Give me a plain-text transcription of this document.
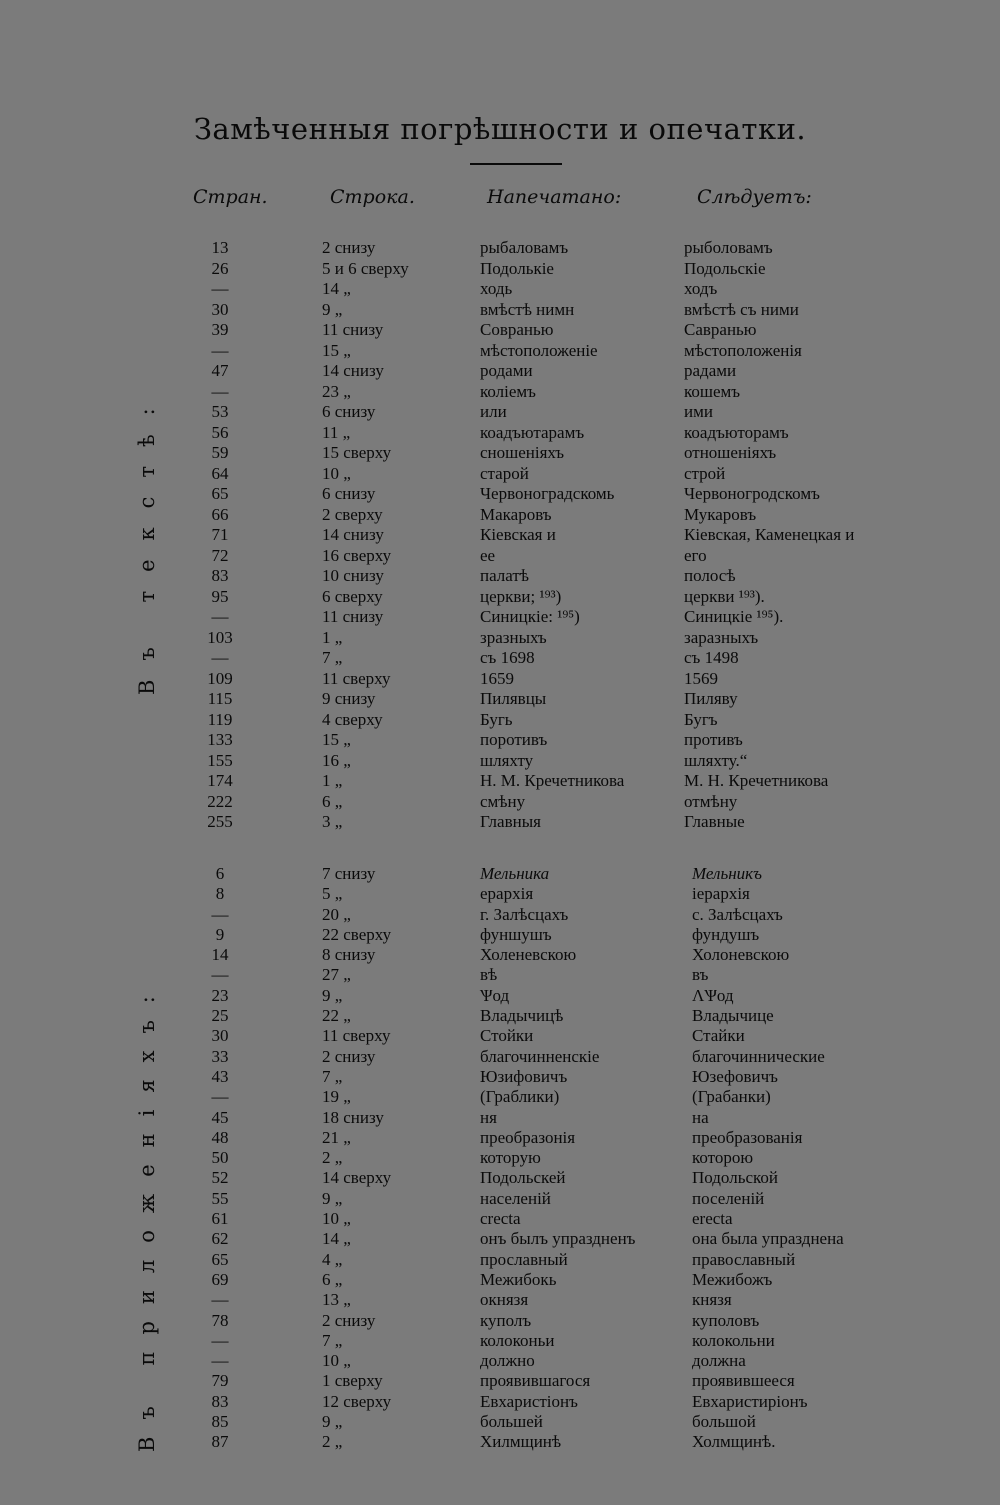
Замѣченныя погрѣшности и опечатки.
Стран.	Строка.	Напечатано:	Слѣдуетъ:
Въ текстѣ:
Въ приложеніяхъ:
13	2 снизу	рыбаловамъ	рыболовамъ
26	5 и 6 сверху	Подолькіе	Подольскіе
—	14 „	ходь	ходъ
30	9 „	вмѣстѣ нимн	вмѣстѣ съ ними
39	11 снизу	Совранью	Савранью
—	15 „	мѣстоположеніе	мѣстоположенія
47	14 снизу	родами	радами
—	23 „	коліемъ	кошемъ
53	6 снизу	или	ими
56	11 „	коадъютарамъ	коадъюторамъ
59	15 сверху	сношеніяхъ	отношеніяхъ
64	10 „	старой	строй
65	6 снизу	Червоноградскомь	Червоногродскомъ
66	2 сверху	Макаровъ	Мукаровъ
71	14 снизу	Кіевская и	Кіевская, Каменецкая и
72	16 сверху	ее	его
83	10 снизу	палатѣ	полосѣ
95	6 сверху	церкви; ¹⁹³)	церкви ¹⁹³).
—	11 снизу	Синицкіе: ¹⁹⁵)	Синицкіе ¹⁹⁵).
103	1 „	зразныхъ	заразныхъ
—	7 „	съ 1698	съ 1498
109	11 сверху	1659	1569
115	9 снизу	Пилявцы	Пиляву
119	4 сверху	Бугь	Бугъ
133	15 „	поротивъ	противъ
155	16 „	шляхту	шляхту.“
174	1 „	Н. М. Кречетникова	М. Н. Кречетникова
222	6 „	смѣну	отмѣну
255	3 „	Главныя	Главные
6	7 снизу	Мельника	Мельникъ
8	5 „	ерархія	іерархія
—	20 „	г. Залѣсцахъ	с. Залѣсцахъ
9	22 сверху	фуншушъ	фундушъ
14	8 снизу	Холеневскою	Холоневскою
—	27 „	вѣ	въ
23	9 „	Ѱод	ΛѰод
25	22 „	Владычицѣ	Владычице
30	11 сверху	Стойки	Стайки
33	2 снизу	благочинненскіе	благочиннические
43	7 „	Юзифовичъ	Юзефовичъ
—	19 „	(Граблики)	(Грабанки)
45	18 снизу	ня	на
48	21 „	преобразонія	преобразованія
50	2 „	которую	которою
52	14 сверху	Подольскей	Подольской
55	9 „	населеній	поселеній
61	10 „	crecta	erecta
62	14 „	онъ былъ упраздненъ	она была упразднена
65	4 „	прославный	православный
69	6 „	Межибокь	Межибожъ
—	13 „	окнязя	князя
78	2 снизу	куполъ	куполовъ
—	7 „	колоконьи	колокольни
—	10 „	должно	должна
79	1 сверху	проявившагося	проявившееся
83	12 сверху	Евхаристіонъ	Евхаристиріонъ
85	9 „	большей	большой
87	2 „	Хилмщинѣ	Холмщинѣ.
